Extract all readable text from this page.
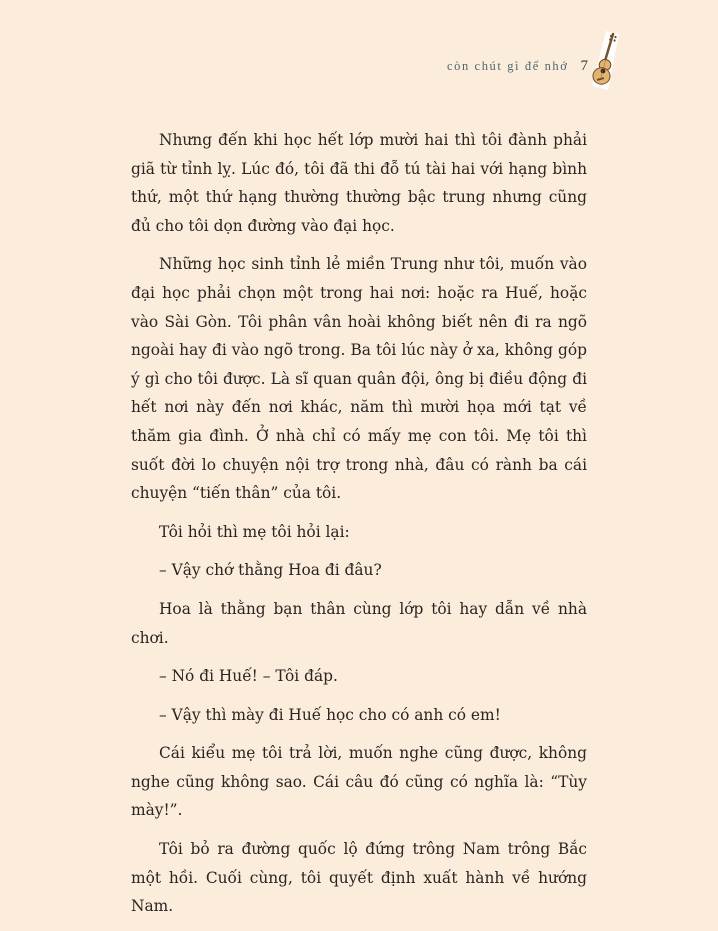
còn chút gì để nhớ 7

Nhưng đến khi học hết lớp mười hai thì tôi đành phải giã từ tỉnh lỵ. Lúc đó, tôi đã thi đỗ tú tài hai với hạng bình thứ, một thứ hạng thường thường bậc trung nhưng cũng đủ cho tôi dọn đường vào đại học.

Những học sinh tỉnh lẻ miền Trung như tôi, muốn vào đại học phải chọn một trong hai nơi: hoặc ra Huế, hoặc vào Sài Gòn. Tôi phân vân hoài không biết nên đi ra ngõ ngoài hay đi vào ngõ trong. Ba tôi lúc này ở xa, không góp ý gì cho tôi được. Là sĩ quan quân đội, ông bị điều động đi hết nơi này đến nơi khác, năm thì mười họa mới tạt về thăm gia đình. Ở nhà chỉ có mấy mẹ con tôi. Mẹ tôi thì suốt đời lo chuyện nội trợ trong nhà, đâu có rành ba cái chuyện “tiến thân” của tôi.

Tôi hỏi thì mẹ tôi hỏi lại:

– Vậy chớ thằng Hoa đi đâu?

Hoa là thằng bạn thân cùng lớp tôi hay dẫn về nhà chơi.

– Nó đi Huế! – Tôi đáp.

– Vậy thì mày đi Huế học cho có anh có em!

Cái kiểu mẹ tôi trả lời, muốn nghe cũng được, không nghe cũng không sao. Cái câu đó cũng có nghĩa là: “Tùy mày!”.

Tôi bỏ ra đường quốc lộ đứng trông Nam trông Bắc một hồi. Cuối cùng, tôi quyết định xuất hành về hướng Nam.
